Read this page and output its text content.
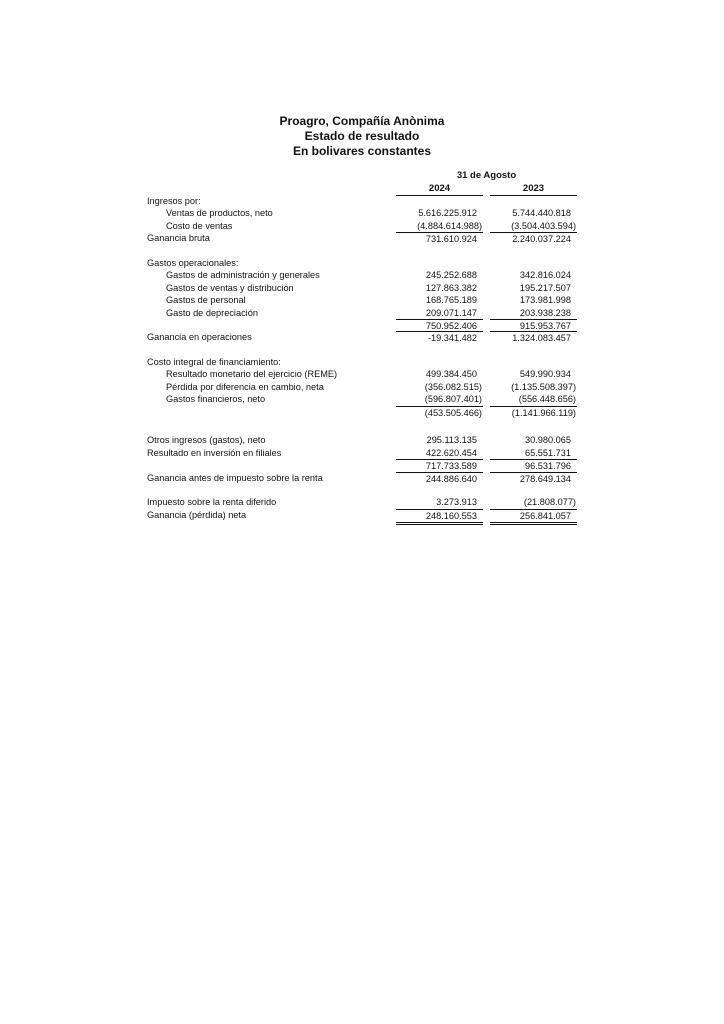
Proagro, Compañía Anònima
Estado de resultado
En bolivares constantes
31 de Agosto
2024	2023
Ingresos por:
Ventas de productos, neto	5.616.225.912	5.744.440.818
Costo de ventas	(4.884.614.988)	(3.504.403.594)
Ganancia bruta	731.610.924	2.240.037.224
Gastos operacionales:
Gastos de administración y generales	245.252.688	342.816.024
Gastos de ventas y distribución	127.863.382	195.217.507
Gastos de personal	168.765.189	173.981.998
Gasto de depreciación	209.071.147	203.938.238
750.952.406	915.953.767
Ganancia en operaciones	-19.341.482	1.324.083.457
Costo integral de financiamiento:
Resultado monetario del ejercicio (REME)	499.384.450	549.990.934
Pérdida por diferencia en cambio, neta	(356.082.515)	(1.135.508.397)
Gastos financieros, neto	(596.807.401)	(556.448.656)
(453.505.466)	(1.141.966.119)
Otros ingresos (gastos), neto	295.113.135	30.980.065
Resultado en inversión en filiales	422.620.454	65.551.731
717.733.589	96.531.796
Ganancia antes de impuesto sobre la renta	244.886.640	278.649.134
Impuesto sobre la renta diferido	3.273.913	(21.808.077)
Ganancia (pérdida) neta	248.160.553	256.841.057
